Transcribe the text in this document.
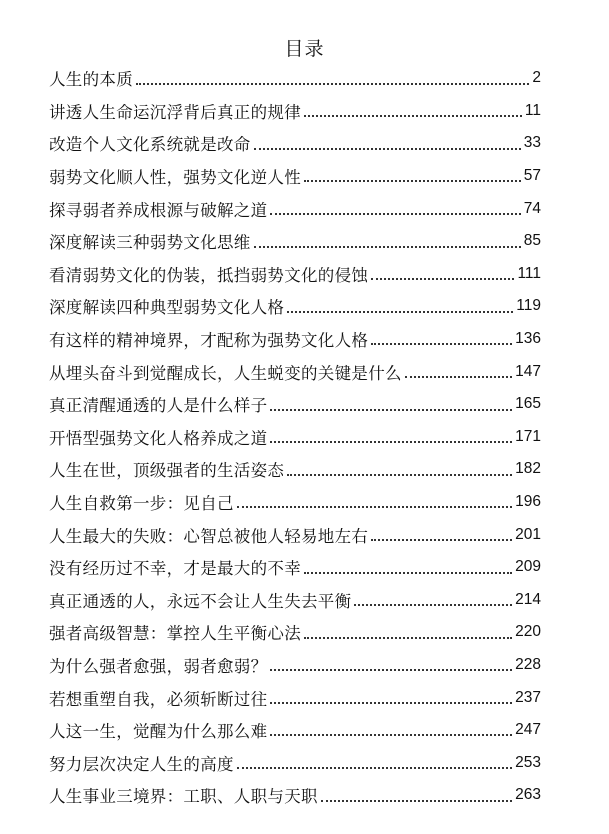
目录
人生的本质	2
讲透人生命运沉浮背后真正的规律	11
改造个人文化系统就是改命	33
弱势文化顺人性，强势文化逆人性	57
探寻弱者养成根源与破解之道	74
深度解读三种弱势文化思维	85
看清弱势文化的伪装，抵挡弱势文化的侵蚀	111
深度解读四种典型弱势文化人格	119
有这样的精神境界，才配称为强势文化人格	136
从埋头奋斗到觉醒成长，人生蜕变的关键是什么	147
真正清醒通透的人是什么样子	165
开悟型强势文化人格养成之道	171
人生在世，顶级强者的生活姿态	182
人生自救第一步：见自己	196
人生最大的失败：心智总被他人轻易地左右	201
没有经历过不幸，才是最大的不幸	209
真正通透的人，永远不会让人生失去平衡	214
强者高级智慧：掌控人生平衡心法	220
为什么强者愈强，弱者愈弱？	228
若想重塑自我，必须斩断过往	237
人这一生，觉醒为什么那么难	247
努力层次决定人生的高度	253
人生事业三境界：工职、人职与天职	263
